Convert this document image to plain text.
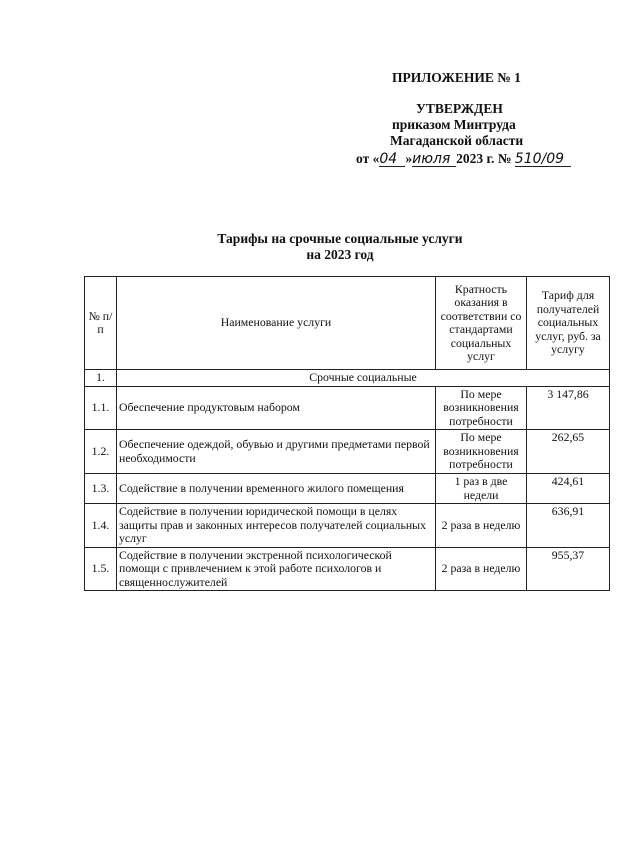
ПРИЛОЖЕНИЕ № 1
УТВЕРЖДЕН
приказом Минтруда
Магаданской области
от «04 »июля 2023 г. № 510/09
Тарифы на срочные социальные услуги
на 2023 год
№ п/п	Наименование услуги	Кратность оказания в соответствии со стандартами социальных услуг	Тариф для получателей социальных услуг, руб. за услугу
1.	Срочные социальные		
1.1.	Обеспечение продуктовым набором	По мере возникновения потребности	3 147,86
1.2.	Обеспечение одеждой, обувью и другими предметами первой необходимости	По мере возникновения потребности	262,65
1.3.	Содействие в получении временного жилого помещения	1 раз в две недели	424,61
1.4.	Содействие в получении юридической помощи в целях защиты прав и законных интересов получателей социальных услуг	2 раза в неделю	636,91
1.5.	Содействие в получении экстренной психологической помощи с привлечением к этой работе психологов и священнослужителей	2 раза в неделю	955,37
